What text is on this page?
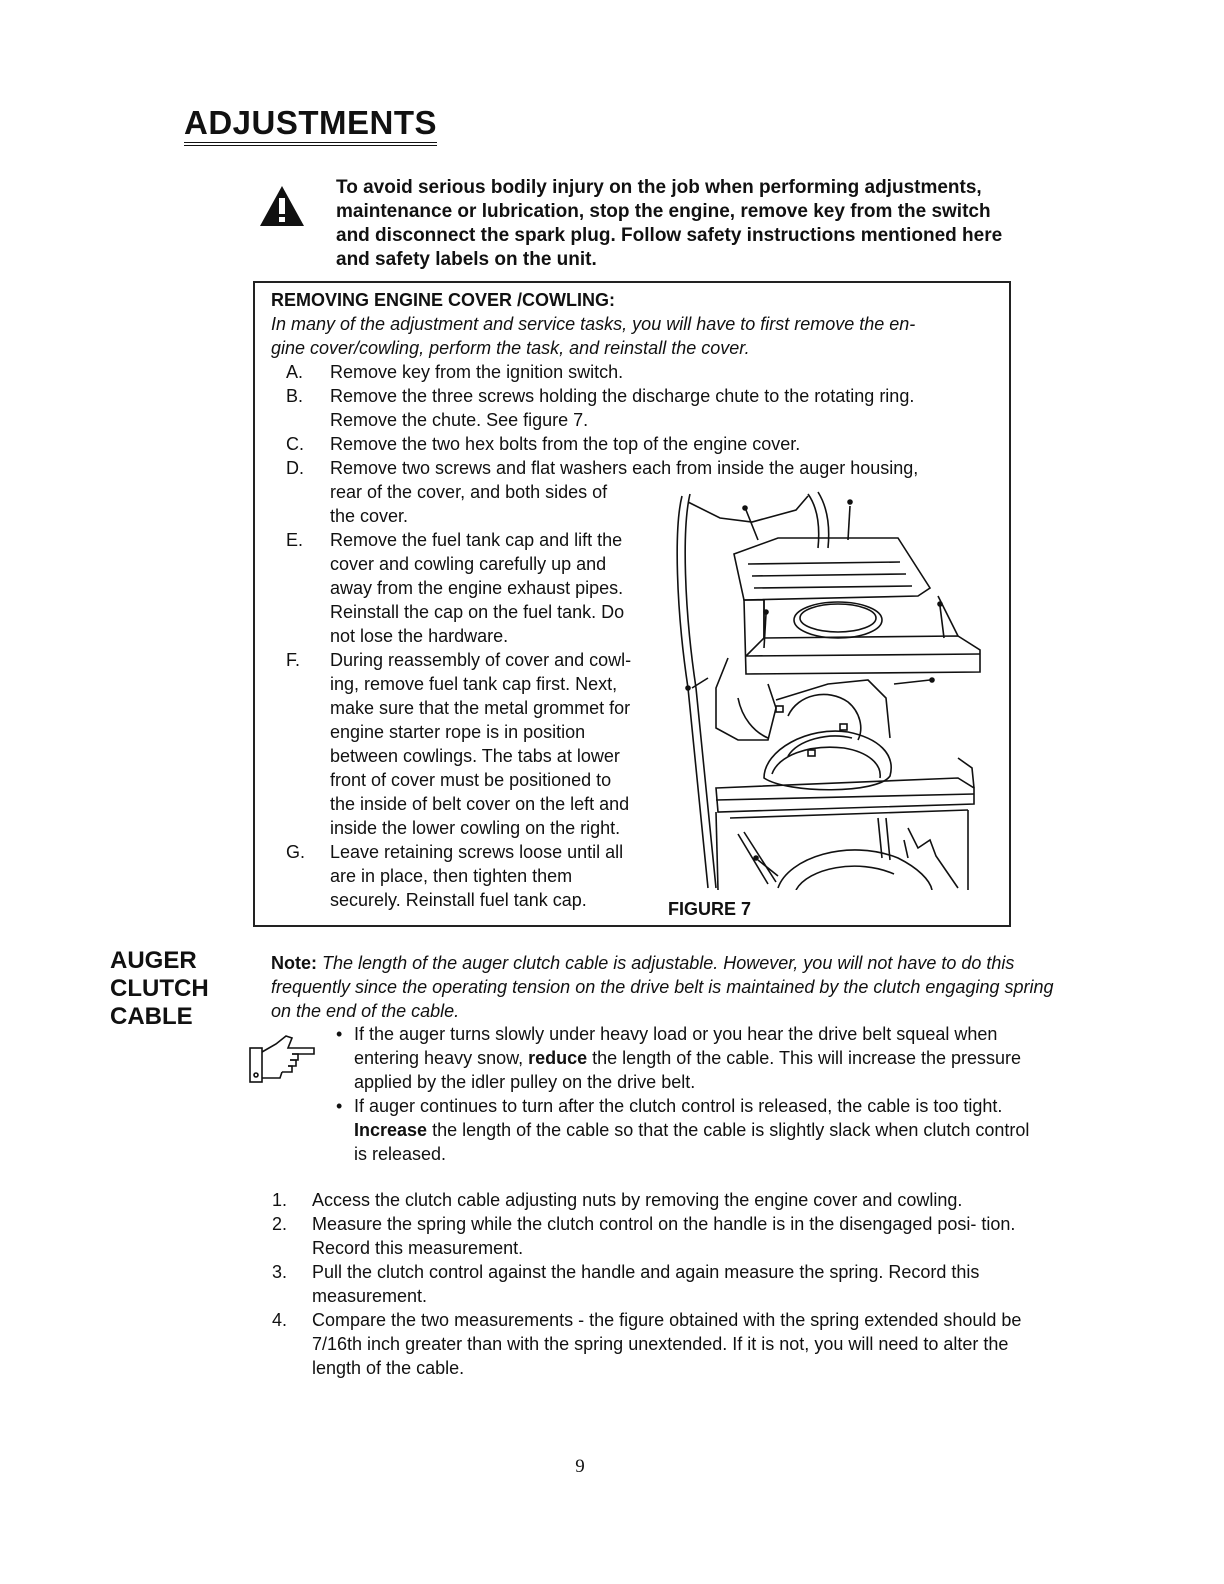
ADJUSTMENTS
To avoid serious bodily injury on the job when performing adjustments,
maintenance or lubrication, stop the engine, remove key from the switch
and disconnect the spark plug. Follow safety instructions mentioned here
and safety labels on the unit.
REMOVING ENGINE COVER /COWLING:
In many of the adjustment and service tasks, you will have to first remove the en-
gine cover/cowling, perform the task, and reinstall the cover.
A.	Remove key from the ignition switch.
B.	Remove the three screws holding the discharge chute to the rotating ring.
Remove the chute. See figure 7.
C.	Remove the two hex bolts from the top of the engine cover.
D.	Remove two screws and flat washers each from inside the auger housing,
rear of the cover, and both sides of
the cover.
E.	Remove the fuel tank cap and lift the
cover and cowling carefully up and
away from the engine exhaust pipes.
Reinstall the cap on the fuel tank. Do
not lose the hardware.
F.	During reassembly of cover and cowl-
ing, remove fuel tank cap first. Next,
make sure that the metal grommet for
engine starter rope is in position
between cowlings. The tabs at lower
front of cover must be positioned to
the inside of belt cover on the left and
inside the lower cowling on the right.
G.	Leave retaining screws loose until all
are in place, then tighten them
securely. Reinstall fuel tank cap.	FIGURE 7
AUGER
CLUTCH
CABLE
Note: The length of the auger clutch cable is adjustable. However, you will not have to do this frequently since the operating tension on the drive belt is maintained by the clutch engaging spring on the end of the cable.
• If the auger turns slowly under heavy load or you hear the drive belt squeal when entering heavy snow, reduce the length of the cable. This will increase the pressure applied by the idler pulley on the drive belt.
• If auger continues to turn after the clutch control is released, the cable is too tight. Increase the length of the cable so that the cable is slightly slack when clutch control is released.
1.	Access the clutch cable adjusting nuts by removing the engine cover and cowling.
2.	Measure the spring while the clutch control on the handle is in the disengaged posi- tion. Record this measurement.
3.	Pull the clutch control against the handle and again measure the spring. Record this measurement.
4.	Compare the two measurements - the figure obtained with the spring extended should be 7/16th inch greater than with the spring unextended. If it is not, you will need to alter the length of the cable.
9
